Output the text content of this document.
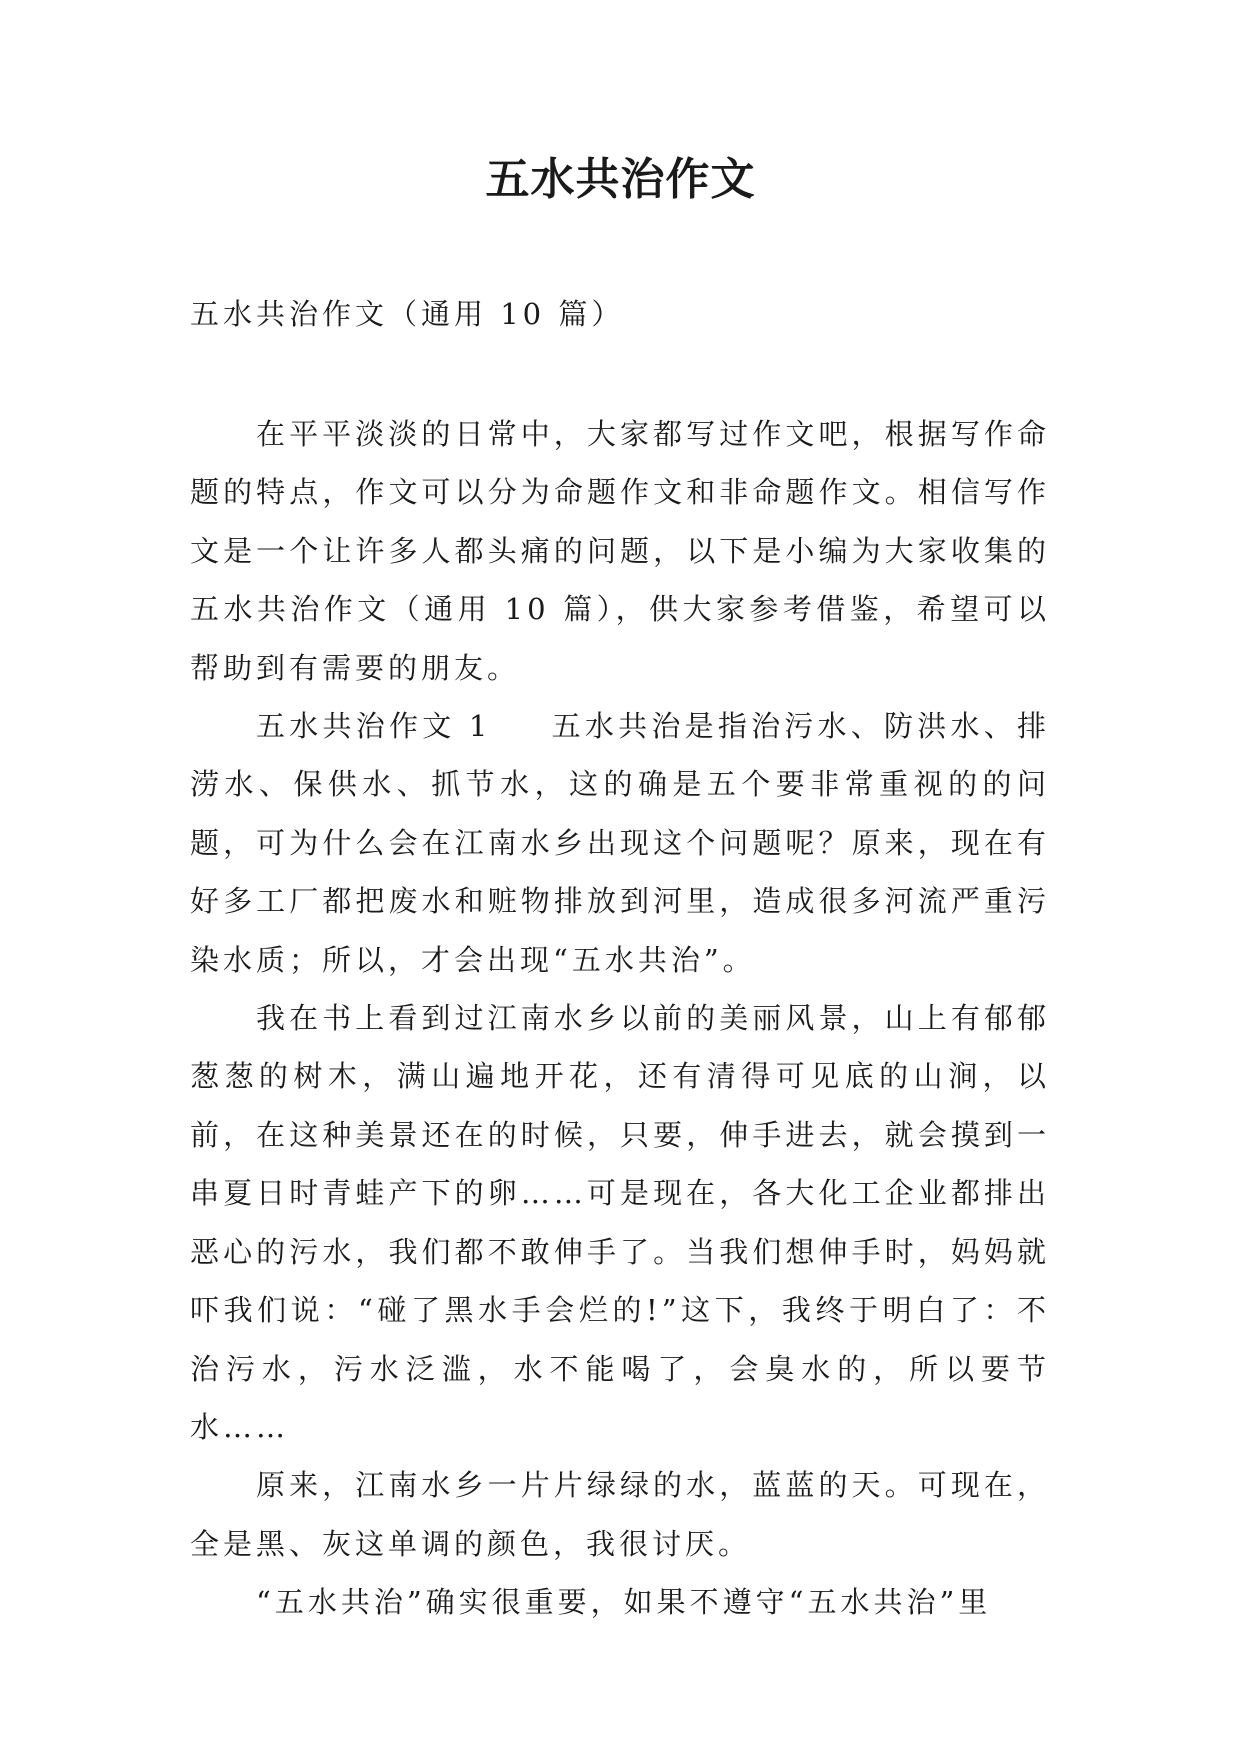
五水共治作文
五水共治作文（通用 10 篇）

在平平淡淡的日常中，大家都写过作文吧，根据写作命题的特点，作文可以分为命题作文和非命题作文。相信写作文是一个让许多人都头痛的问题，以下是小编为大家收集的五水共治作文（通用 10 篇），供大家参考借鉴，希望可以帮助到有需要的朋友。

五水共治作文 1 五水共治是指治污水、防洪水、排涝水、保供水、抓节水，这的确是五个要非常重视的的问题，可为什么会在江南水乡出现这个问题呢？原来，现在有好多工厂都把废水和赃物排放到河里，造成很多河流严重污染水质；所以，才会出现“五水共治”。

我在书上看到过江南水乡以前的美丽风景，山上有郁郁葱葱的树木，满山遍地开花，还有清得可见底的山涧，以前，在这种美景还在的时候，只要，伸手进去，就会摸到一串夏日时青蛙产下的卵……可是现在，各大化工企业都排出恶心的污水，我们都不敢伸手了。当我们想伸手时，妈妈就吓我们说：“碰了黑水手会烂的!”这下，我终于明白了：不治污水，污水泛滥，水不能喝了，会臭水的，所以要节水……

原来，江南水乡一片片绿绿的水，蓝蓝的天。可现在，全是黑、灰这单调的颜色，我很讨厌。

“五水共治”确实很重要，如果不遵守“五水共治”里
